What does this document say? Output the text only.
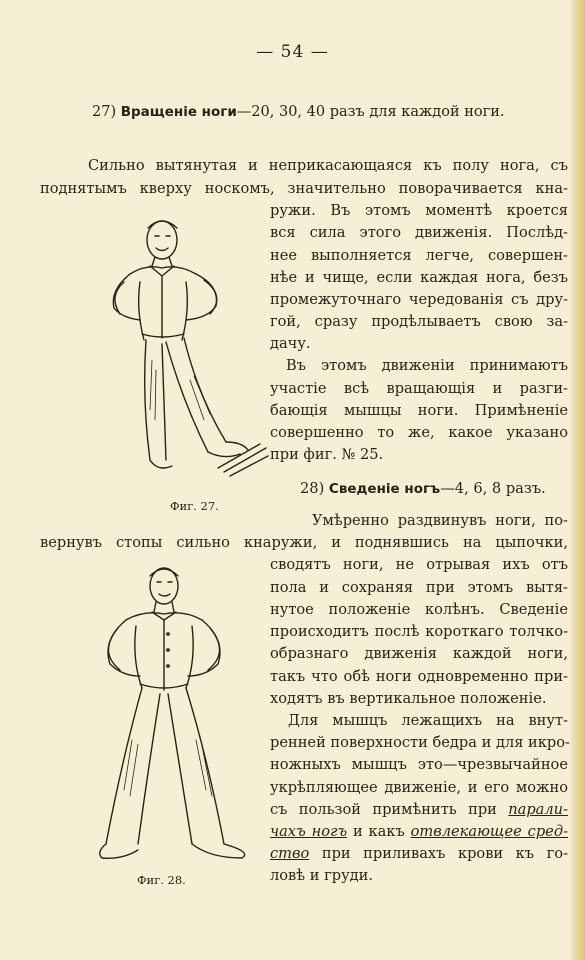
— 54 —
27) Вращеніе ноги—20, 30, 40 разъ для каждой ноги.
Сильно вытянутая и неприкасающаяся къ полу нога, съ
поднятымъ кверху носкомъ, значительно поворачивается кна-
ружи. Въ этомъ моментѣ кроется
вся сила этого движенія. Послѣд-
нее выполняется легче, совершен-
нѣе и чище, если каждая нога, безъ
промежуточнаго чередованія съ дру-
гой, сразу продѣлываетъ свою за-
дачу.
Въ этомъ движеніи принимаютъ
участіе всѣ вращающія и разги-
бающія мышцы ноги. Примѣненіе
совершенно то же, какое указано
при фиг. № 25.
Фиг. 27.
28) Сведеніе ногъ—4, 6, 8 разъ.
Умѣренно раздвинувъ ноги, по-
вернувъ стопы сильно кнаружи, и поднявшись на цыпочки,
сводятъ ноги, не отрывая ихъ отъ
пола и сохраняя при этомъ вытя-
нутое положеніе колѣнъ. Сведеніе
происходитъ послѣ короткаго толчко-
образнаго движенія каждой ноги,
такъ что обѣ ноги одновременно при-
ходятъ въ вертикальное положеніе.
Для мышцъ лежащихъ на внут-
ренней поверхности бедра и для икро-
ножныхъ мышцъ это—чрезвычайное
укрѣпляющее движеніе, и его можно
съ пользой примѣнить при парали-
чахъ ногъ и какъ отвлекающее сред-
ство при приливахъ крови къ го-
ловѣ и груди.
Фиг. 28.
